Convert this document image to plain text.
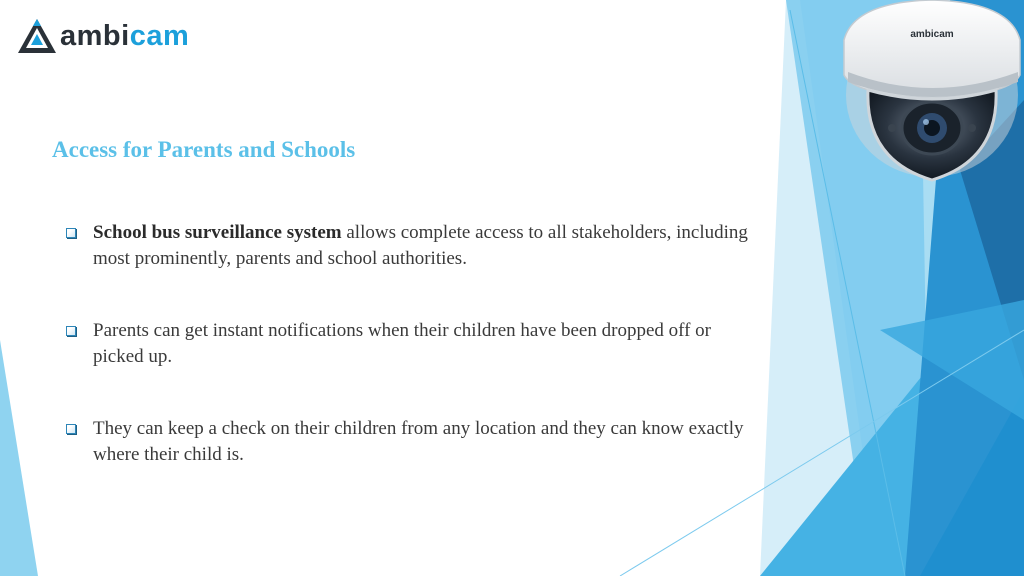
ambicam
Access for Parents and Schools
School bus surveillance system allows complete access to all stakeholders, including most prominently, parents and school authorities.
Parents can get instant notifications when their children have been dropped off or picked up.
They can keep a check on their children from any location and they can know exactly where their child is.
ambicam
